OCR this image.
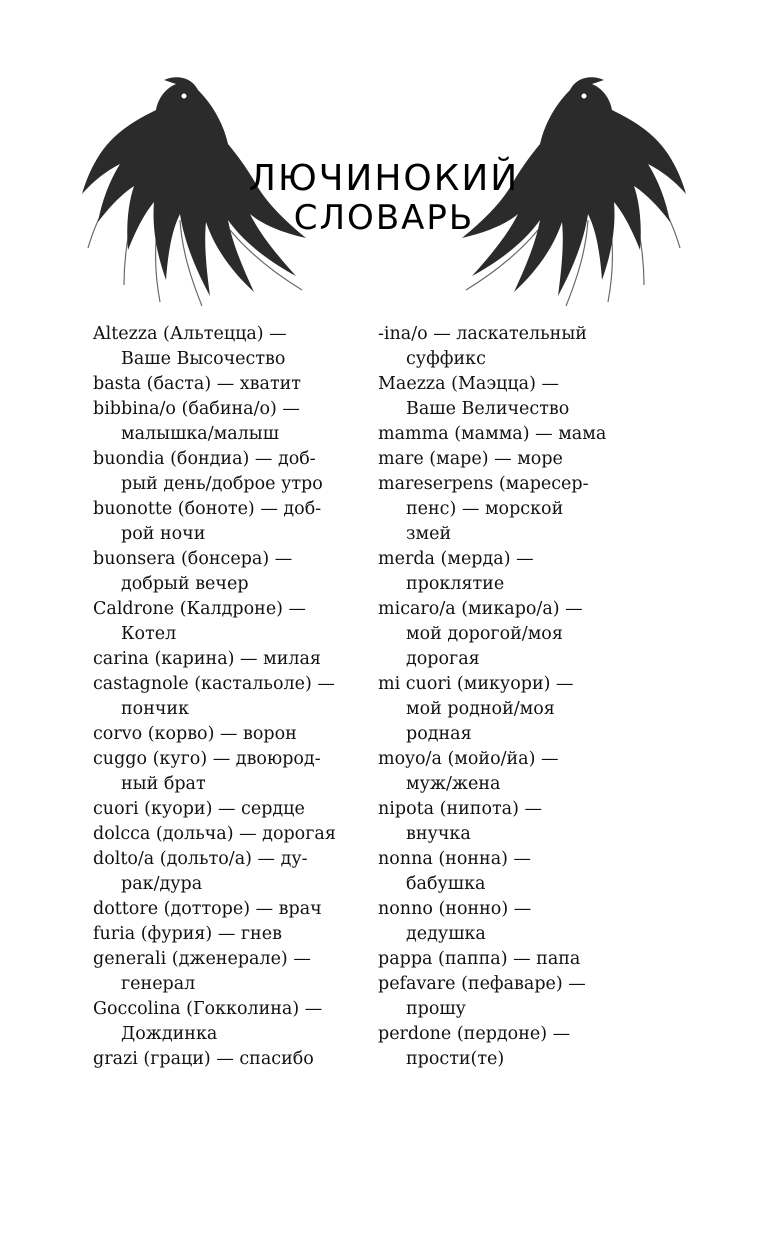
ЛЮЧИНОКИЙ
СЛОВАРЬ
Altezza (Альтецца) —
Ваше Высочество
basta (баста) — хватит
bibbina/о (бабина/о) —
малышка/малыш
buondia (бондиа) — доб-
рый день/доброе утро
buonotte (боноте) — доб-
рой ночи
buonsera (бонсера) —
добрый вечер
Caldrone (Калдроне) —
Котел
carina (карина) — милая
castagnole (кастальоле) —
пончик
corvo (корво) — ворон
cuggo (куго) — двоюрод-
ный брат
cuori (куори) — сердце
dolcca (дольча) — дорогая
dolto/a (дольто/а) — ду-
рак/дура
dottore (дотторе) — врач
furia (фурия) — гнев
generali (дженерале) —
генерал
Goccolina (Гокколина) —
Дождинка
grazi (граци) — спасибо
-ina/o — ласкательный
суффикс
Maezza (Маэцца) —
Ваше Величество
mamma (мамма) — мама
mare (маре) — море
mareserpens (маресер-
пенс) — морской
змей
merda (мерда) —
проклятие
micaro/a (микаро/а) —
мой дорогой/моя
дорогая
mi cuori (микуори) —
мой родной/моя
родная
moyo/a (мойо/йа) —
муж/жена
nipota (нипота) —
внучка
nonna (нонна) —
бабушка
nonno (нонно) —
дедушка
pappa (паппа) — папа
pefavare (пефаваре) —
прошу
perdone (пердоне) —
прости(те)
